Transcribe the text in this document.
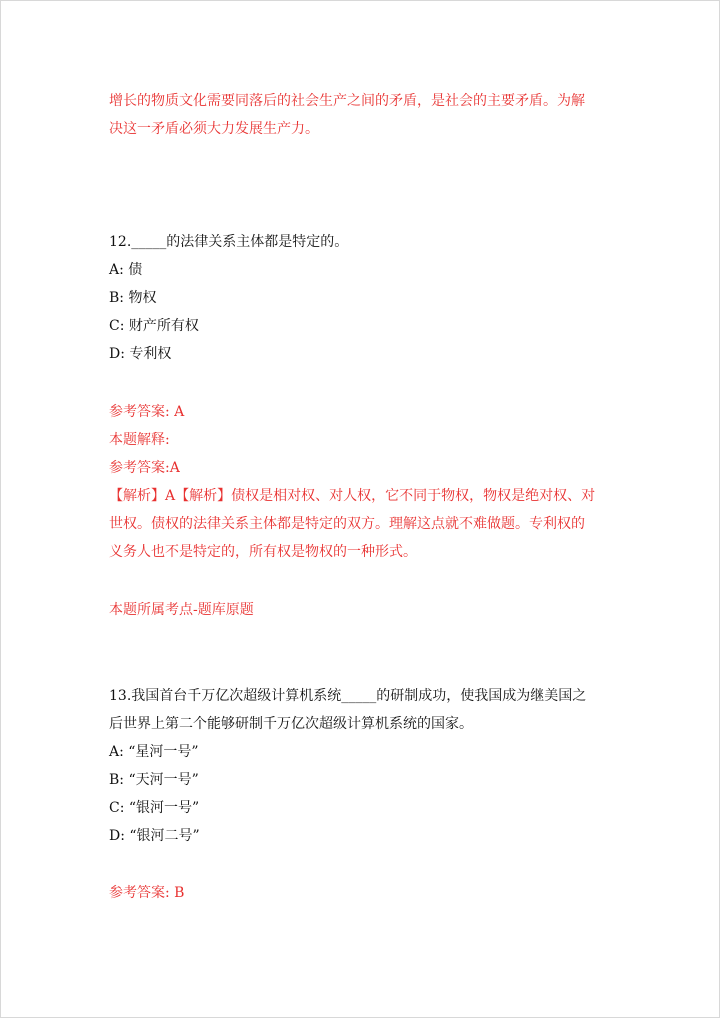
增长的物质文化需要同落后的社会生产之间的矛盾，是社会的主要矛盾。为解

决这一矛盾必须大力发展生产力。

12._____的法律关系主体都是特定的。

A: 债

B: 物权

C: 财产所有权

D: 专利权

参考答案: A

本题解释:

参考答案:A

【解析】A【解析】债权是相对权、对人权，它不同于物权，物权是绝对权、对

世权。债权的法律关系主体都是特定的双方。理解这点就不难做题。专利权的

义务人也不是特定的，所有权是物权的一种形式。

本题所属考点-题库原题

13.我国首台千万亿次超级计算机系统_____的研制成功，使我国成为继美国之

后世界上第二个能够研制千万亿次超级计算机系统的国家。

A: “星河一号”

B: “天河一号”

C: “银河一号”

D: “银河二号”

参考答案: B
